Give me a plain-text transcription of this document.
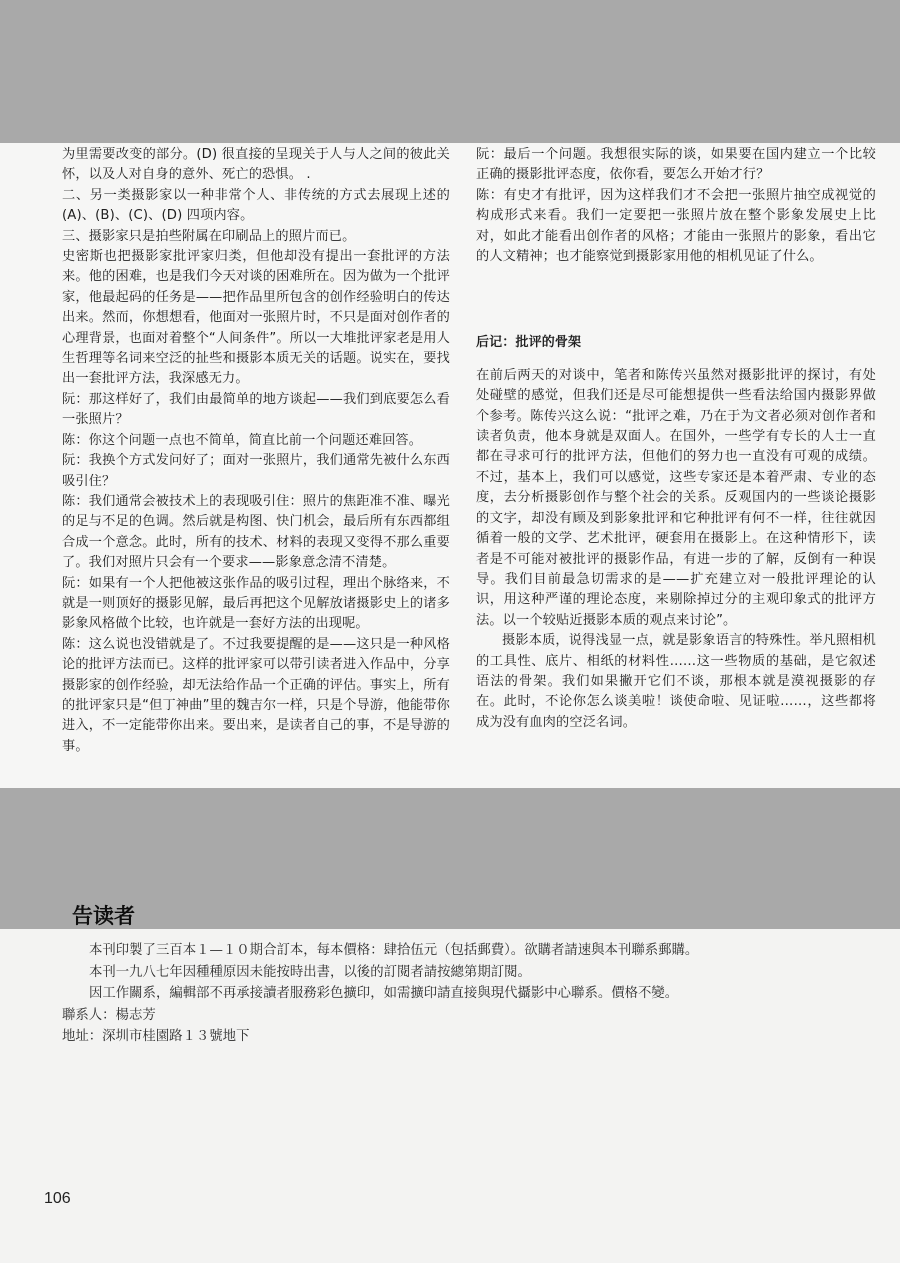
为里需要改变的部分。(D) 很直接的呈现关于人与人之间的彼此关怀，以及人对自身的意外、死亡的恐惧。 .

二、另一类摄影家以一种非常个人、非传统的方式去展现上述的 (A)、(B)、(C)、(D) 四项内容。

三、摄影家只是拍些附属在印刷品上的照片而已。

史密斯也把摄影家批评家归类，但他却没有提出一套批评的方法来。他的困难，也是我们今天对谈的困难所在。因为做为一个批评家，他最起码的任务是——把作品里所包含的创作经验明白的传达出来。然而，你想想看，他面对一张照片时，不只是面对创作者的心理背景，也面对着整个“人间条件”。所以一大堆批评家老是用人生哲理等名词来空泛的扯些和摄影本质无关的话题。说实在，要找出一套批评方法，我深感无力。

阮：那这样好了，我们由最简单的地方谈起——我们到底要怎么看一张照片？

陈：你这个问题一点也不简单，简直比前一个问题还难回答。

阮：我换个方式发问好了；面对一张照片，我们通常先被什么东西吸引住？

陈：我们通常会被技术上的表现吸引住：照片的焦距准不准、曝光的足与不足的色调。然后就是构图、快门机会，最后所有东西都组合成一个意念。此时，所有的技术、材料的表现又变得不那么重要了。我们对照片只会有一个要求——影象意念清不清楚。

阮：如果有一个人把他被这张作品的吸引过程，理出个脉络来，不就是一则顶好的摄影见解，最后再把这个见解放诸摄影史上的诸多影象风格做个比较，也许就是一套好方法的出现呢。

陈：这么说也没错就是了。不过我要提醒的是——这只是一种风格论的批评方法而已。这样的批评家可以带引读者进入作品中，分享摄影家的创作经验，却无法给作品一个正确的评估。事实上，所有的批评家只是“但丁神曲”里的魏吉尔一样，只是个导游，他能带你进入，不一定能带你出来。要出来，是读者自己的事，不是导游的事。

阮：最后一个问题。我想很实际的谈，如果要在国内建立一个比较正确的摄影批评态度，依你看，要怎么开始才行？

陈：有史才有批评，因为这样我们才不会把一张照片抽空成视觉的构成形式来看。我们一定要把一张照片放在整个影象发展史上比对，如此才能看出创作者的风格；才能由一张照片的影象，看出它的人文精神；也才能察觉到摄影家用他的相机见证了什么。

后记：批评的骨架

在前后两天的对谈中，笔者和陈传兴虽然对摄影批评的探讨，有处处碰壁的感觉，但我们还是尽可能想提供一些看法给国内摄影界做个参考。陈传兴这么说：“批评之难，乃在于为文者必须对创作者和读者负责，他本身就是双面人。在国外，一些学有专长的人士一直都在寻求可行的批评方法，但他们的努力也一直没有可观的成绩。不过，基本上，我们可以感觉，这些专家还是本着严肃、专业的态度，去分析摄影创作与整个社会的关系。反观国内的一些谈论摄影的文字，却没有顾及到影象批评和它种批评有何不一样，往往就因循着一般的文学、艺术批评，硬套用在摄影上。在这种情形下，读者是不可能对被批评的摄影作品，有进一步的了解，反倒有一种误导。我们目前最急切需求的是——扩充建立对一般批评理论的认识，用这种严谨的理论态度，来剔除掉过分的主观印象式的批评方法。以一个较贴近摄影本质的观点来讨论”。

摄影本质，说得浅显一点，就是影象语言的特殊性。举凡照相机的工具性、底片、相纸的材料性……这一些物质的基础，是它叙述语法的骨架。我们如果撇开它们不谈，那根本就是漠视摄影的存在。此时，不论你怎么谈美啦！谈使命啦、见证啦……，这些都将成为没有血肉的空泛名词。

告读者

本刊印製了三百本１—１０期合訂本，每本價格：肆拾伍元（包括郵費）。欲購者請速與本刊聯系郵購。

本刊一九八七年因種種原因未能按時出書，以後的訂閱者請按總第期訂閱。

因工作關系，編輯部不再承接讀者服務彩色擴印，如需擴印請直接與現代攝影中心聯系。價格不變。

聯系人：楊志芳

地址：深圳市桂園路１３號地下

106
